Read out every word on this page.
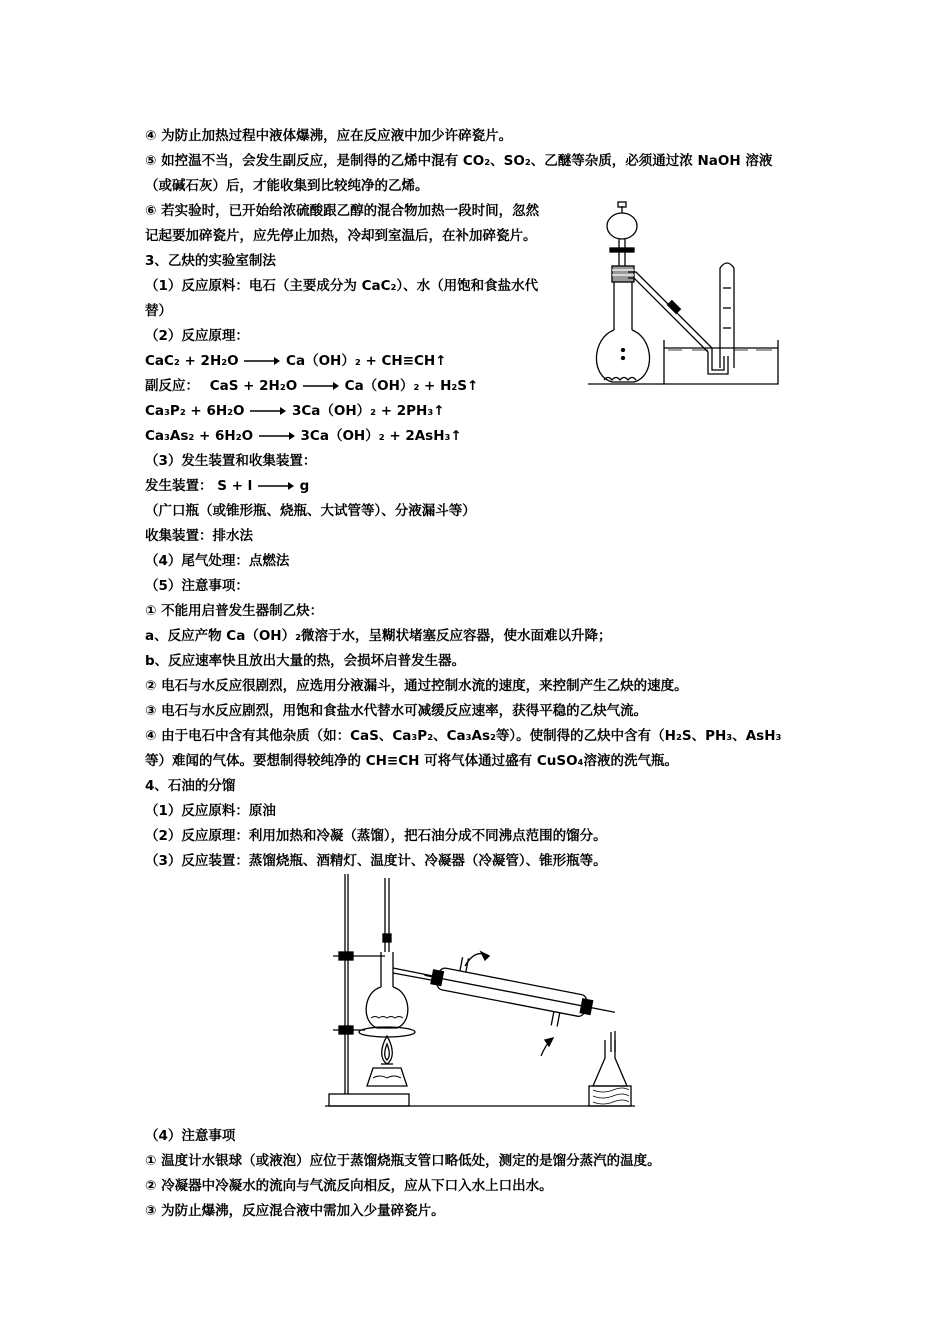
④ 为防止加热过程中液体爆沸，应在反应液中加少许碎瓷片。
⑤ 如控温不当，会发生副反应，是制得的乙烯中混有 CO₂、SO₂、乙醚等杂质，必须通过浓 NaOH 溶液
（或碱石灰）后，才能收集到比较纯净的乙烯。
⑥ 若实验时，已开始给浓硫酸跟乙醇的混合物加热一段时间，忽然
记起要加碎瓷片，应先停止加热，冷却到室温后，在补加碎瓷片。
3、乙炔的实验室制法
（1）反应原料：电石（主要成分为 CaC₂）、水（用饱和食盐水代
替）
（2）反应原理：
CaC₂ + 2H₂O → Ca（OH）₂ + CH≡CH↑
副反应： CaS + 2H₂O → Ca（OH）₂ + H₂S↑
Ca₃P₂ + 6H₂O → 3Ca（OH）₂ + 2PH₃↑
Ca₃As₂ + 6H₂O → 3Ca（OH）₂ + 2AsH₃↑
（3）发生装置和收集装置：
发生装置： S + l → g
（广口瓶（或锥形瓶、烧瓶、大试管等）、分液漏斗等）
收集装置：排水法
（4）尾气处理：点燃法
（5）注意事项：
① 不能用启普发生器制乙炔：
a、反应产物 Ca（OH）₂微溶于水，呈糊状堵塞反应容器，使水面难以升降；
b、反应速率快且放出大量的热，会损坏启普发生器。
② 电石与水反应很剧烈，应选用分液漏斗，通过控制水流的速度，来控制产生乙炔的速度。
③ 电石与水反应剧烈，用饱和食盐水代替水可减缓反应速率，获得平稳的乙炔气流。
④ 由于电石中含有其他杂质（如：CaS、Ca₃P₂、Ca₃As₂等）。使制得的乙炔中含有（H₂S、PH₃、AsH₃
等）难闻的气体。要想制得较纯净的 CH≡CH 可将气体通过盛有 CuSO₄溶液的洗气瓶。
4、石油的分馏
（1）反应原料：原油
（2）反应原理：利用加热和冷凝（蒸馏），把石油分成不同沸点范围的馏分。
（3）反应装置：蒸馏烧瓶、酒精灯、温度计、冷凝器（冷凝管）、锥形瓶等。
（4）注意事项
① 温度计水银球（或液泡）应位于蒸馏烧瓶支管口略低处，测定的是馏分蒸汽的温度。
② 冷凝器中冷凝水的流向与气流反向相反，应从下口入水上口出水。
③ 为防止爆沸，反应混合液中需加入少量碎瓷片。
